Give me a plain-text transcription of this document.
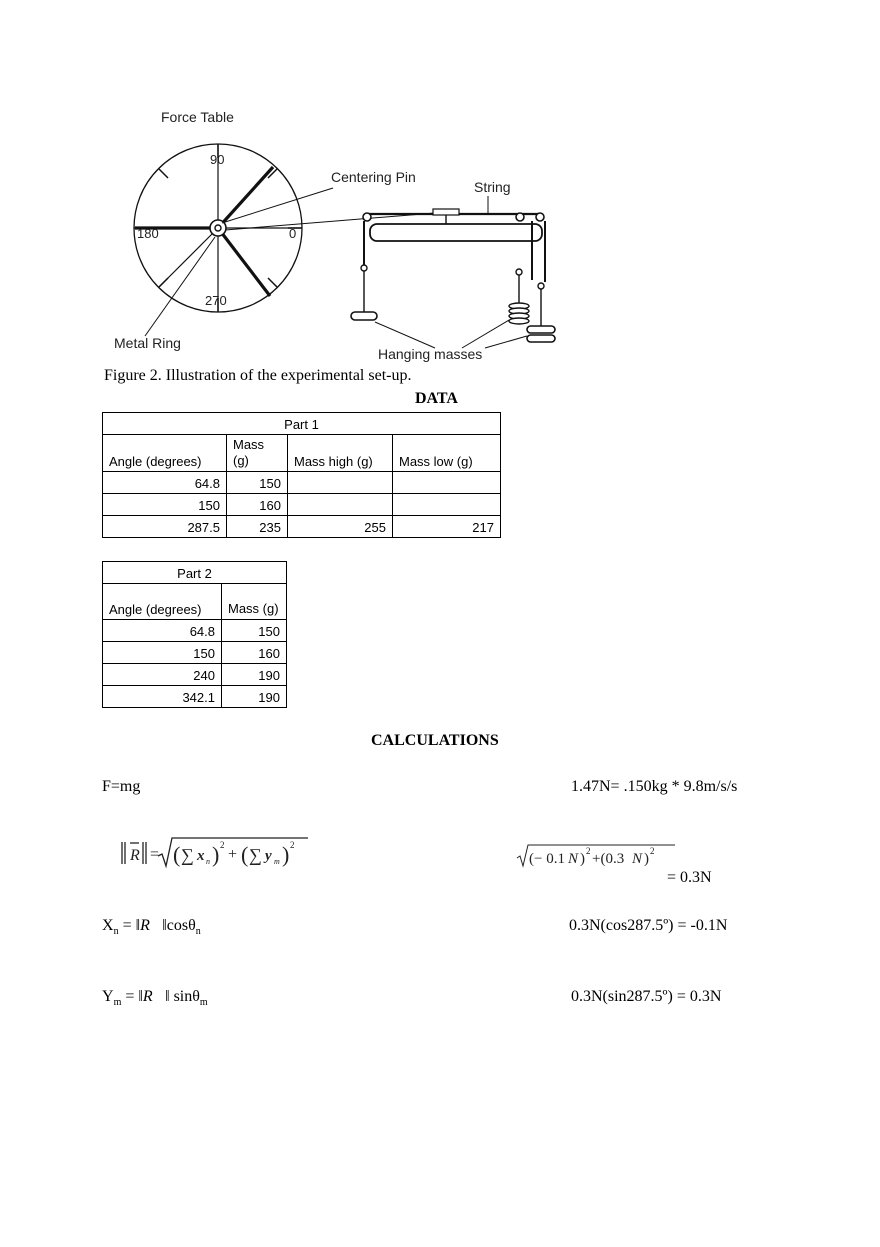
Force Table
90
180	0
270
Metal Ring
Centering Pin
String
Hanging masses
Figure 2. Illustration of the experimental set-up.
DATA
Part 1			
Angle (degrees)	Mass (g)	Mass high (g)	Mass low (g)
64.8	150		
150	160		
287.5	235	255	217
Part 2	
Angle (degrees)	Mass (g)
64.8	150
150	160
240	190
342.1	190
CALCULATIONS
F=mg	1.47N= .150kg * 9.8m/s/s
R = ( ∑ x n ) 2
+ ( ∑ y m ) 2
(− 0.1 N ) 2 +(0.3 N ) 2
= 0.3N
$X_n$ = ‖R⃗‖cosθ$_n$	0.3N(cos287.5º) = -0.1N
$Y_m$ = ‖R⃗‖ sinθ$_m$	0.3N(sin287.5º) = 0.3N
